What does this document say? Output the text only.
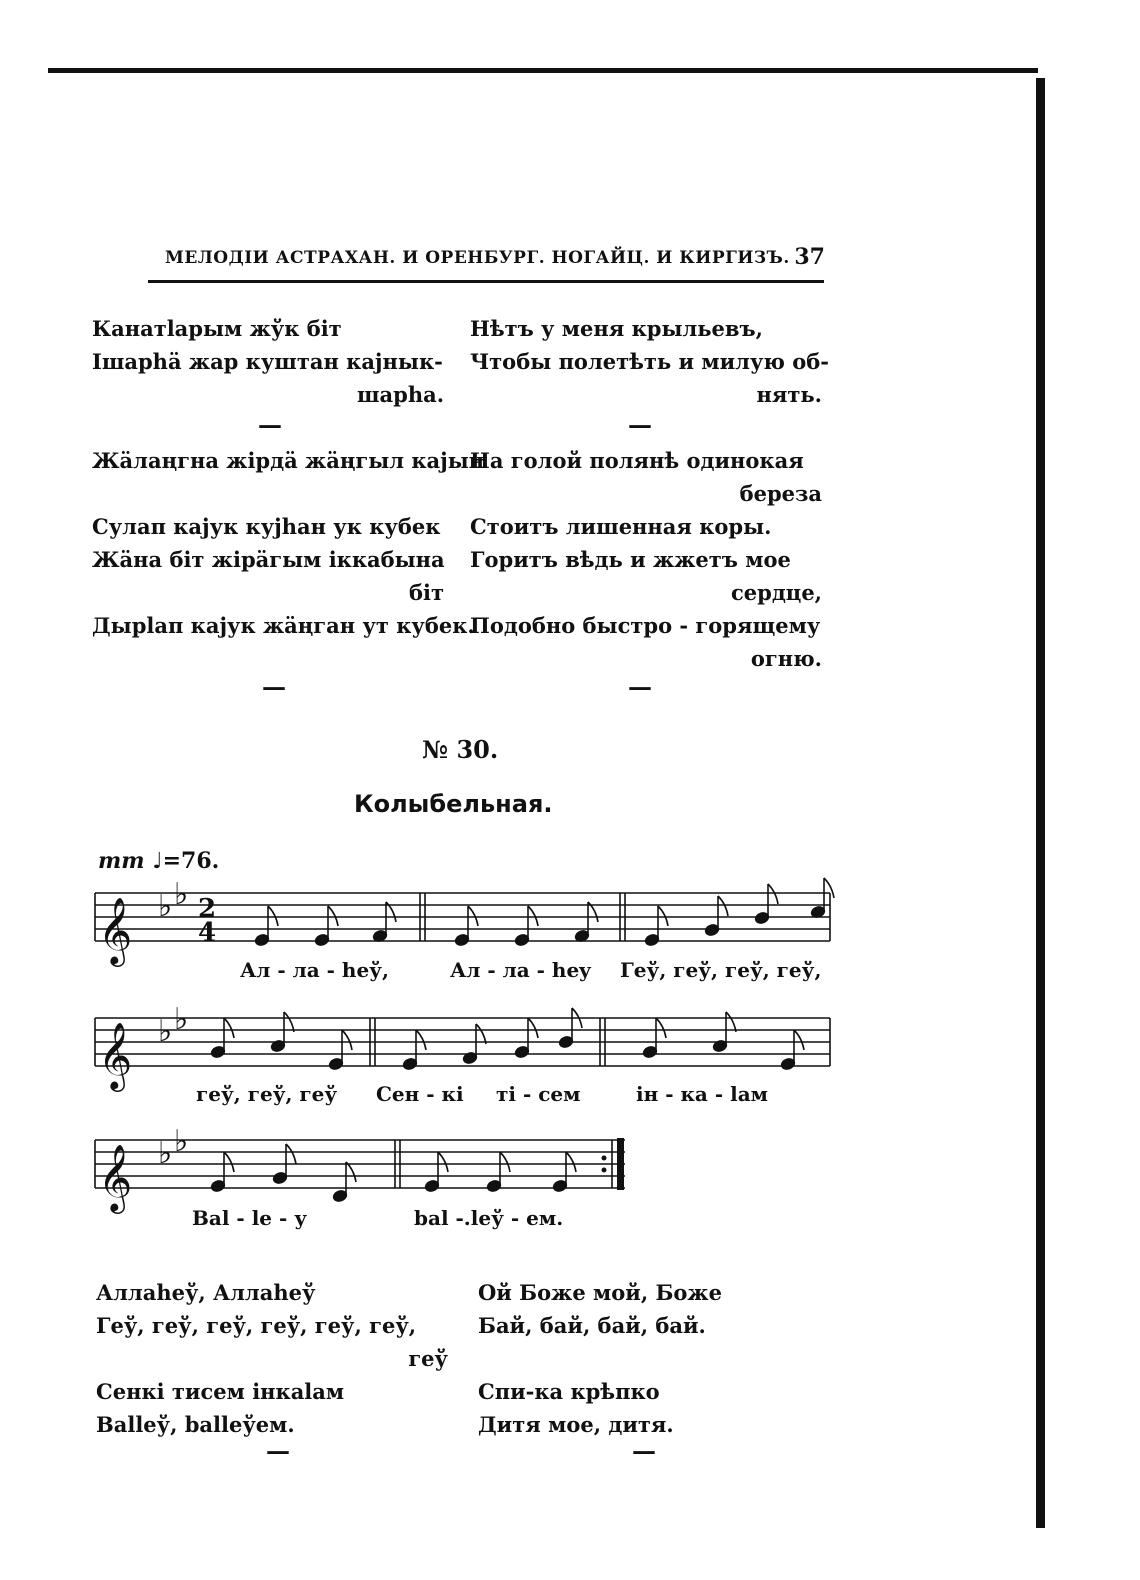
МЕЛОДІИ АСТРАХАН. И ОРЕНБУРГ. НОГАЙЦ. И КИРГИЗЪ. 37
Канатlарым жўк біт
Ішарhä жар куштан кајнык-
шарhа.
Нѣтъ у меня крыльевъ,
Чтобы полетѣть и милую об-
нять.
—	—
Жäлаңгна жірдä жäңгыл кајын
Сулап кајук кујhан ук кубек
Жäна біт жірäгым іккабына
біт
Дырlап кајук жäңган ут кубек.
На голой полянѣ одинокая
береза
Стоитъ лишенная коры.
Горитъ вѣдь и жжетъ мое
сердце,
Подобно быстро - горящему
огню.
—	—
№ 30.
Колыбельная.
mm ♩=76.
𝄞
𝄞
𝄞
♭ ♭
♭ ♭
♭ ♭
2
4
Ал - ла - heў,	Ал - ла - hey Геў, геў, геў, геў,
геў, геў, геў Сен - кі ті - сем	ін - ка - lам
Bal - le - у	bal -.leў - ем.
Аллаheў, Аллаheў
Геў, геў, геў, геў, геў, геў,
геў
Сенкі тисем інкаlам
Balleў, balleўем.
Ой Боже мой, Боже
Бай, бай, бай, бай.
Спи-ка крѣпко
Дитя мое, дитя.
—	—
